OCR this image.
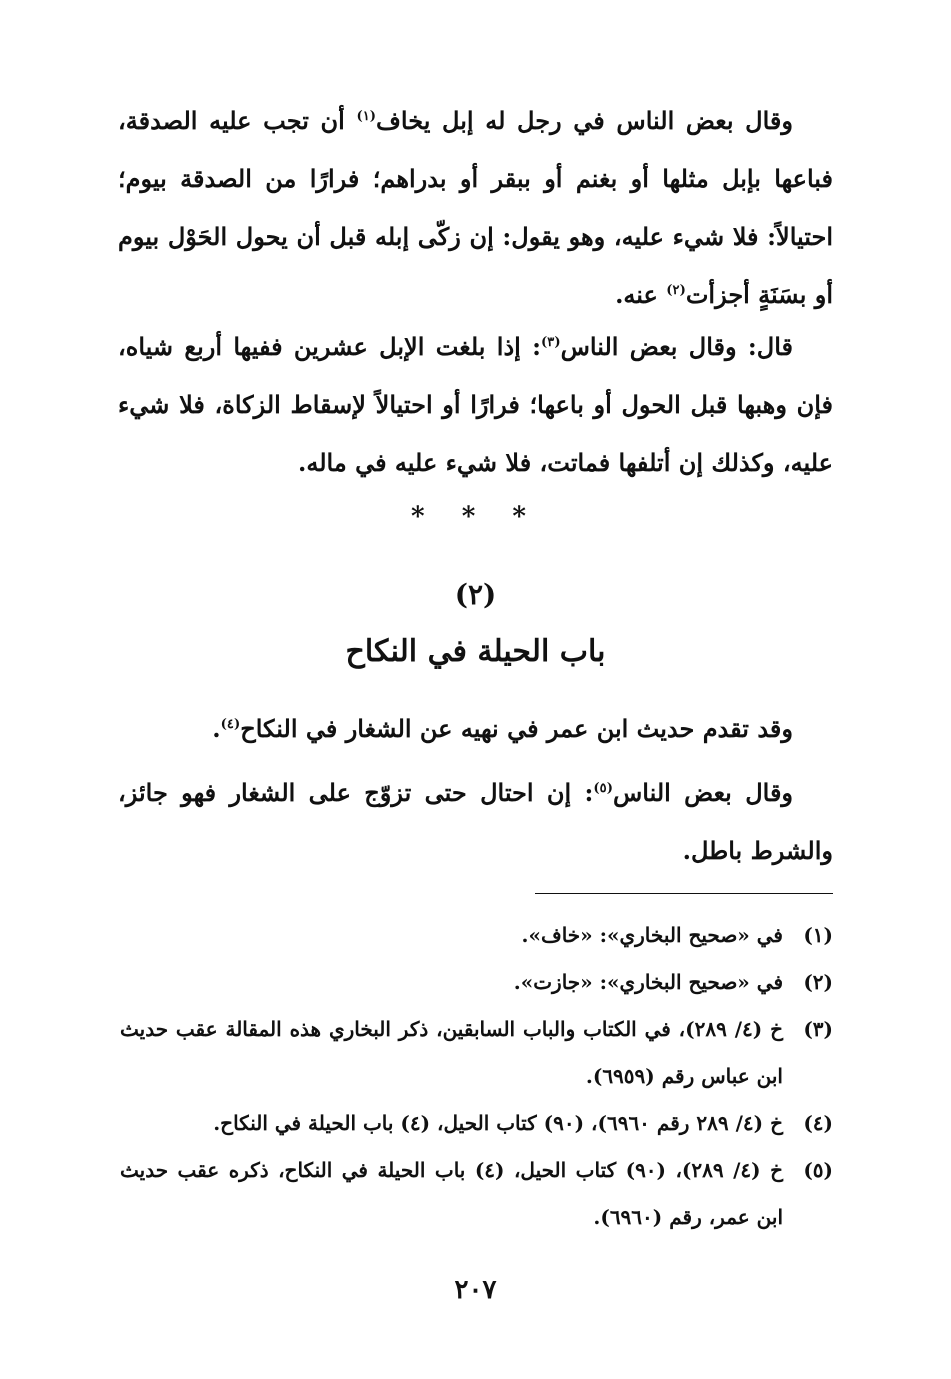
وقال بعض الناس في رجل له إبل يخاف$^{(١)}$ أن تجب عليه الصدقة، فباعها بإبل مثلها أو بغنم أو ببقر أو بدراهم؛ فرارًا من الصدقة بيوم؛ احتيالاً: فلا شيء عليه، وهو يقول: إن زكّى إبله قبل أن يحول الحَوْل بيوم أو بسَنَةٍ أجزأت$^{(٢)}$ عنه.

قال: وقال بعض الناس$^{(٣)}$: إذا بلغت الإبل عشرين ففيها أربع شياه، فإن وهبها قبل الحول أو باعها؛ فرارًا أو احتيالاً لإسقاط الزكاة، فلا شيء عليه، وكذلك إن أتلفها فماتت، فلا شيء عليه في ماله.

* * *
(٢)
باب الحيلة في النكاح

وقد تقدم حديث ابن عمر في نهيه عن الشغار في النكاح$^{(٤)}$.

وقال بعض الناس$^{(٥)}$: إن احتال حتى تزوّج على الشغار فهو جائز، والشرط باطل.

(١)
في «صحيح البخاري»: «خاف».
(٢)
في «صحيح البخاري»: «جازت».
(٣)
خ (٤/ ٢٨٩)، في الكتاب والباب السابقين، ذكر البخاري هذه المقالة عقب حديث ابن عباس رقم (٦٩٥٩).
(٤)
خ (٤/ ٢٨٩ رقم ٦٩٦٠)، (٩٠) كتاب الحيل، (٤) باب الحيلة في النكاح.
(٥)
خ (٤/ ٢٨٩)، (٩٠) كتاب الحيل، (٤) باب الحيلة في النكاح، ذكره عقب حديث ابن عمر، رقم (٦٩٦٠).
٢٠٧
